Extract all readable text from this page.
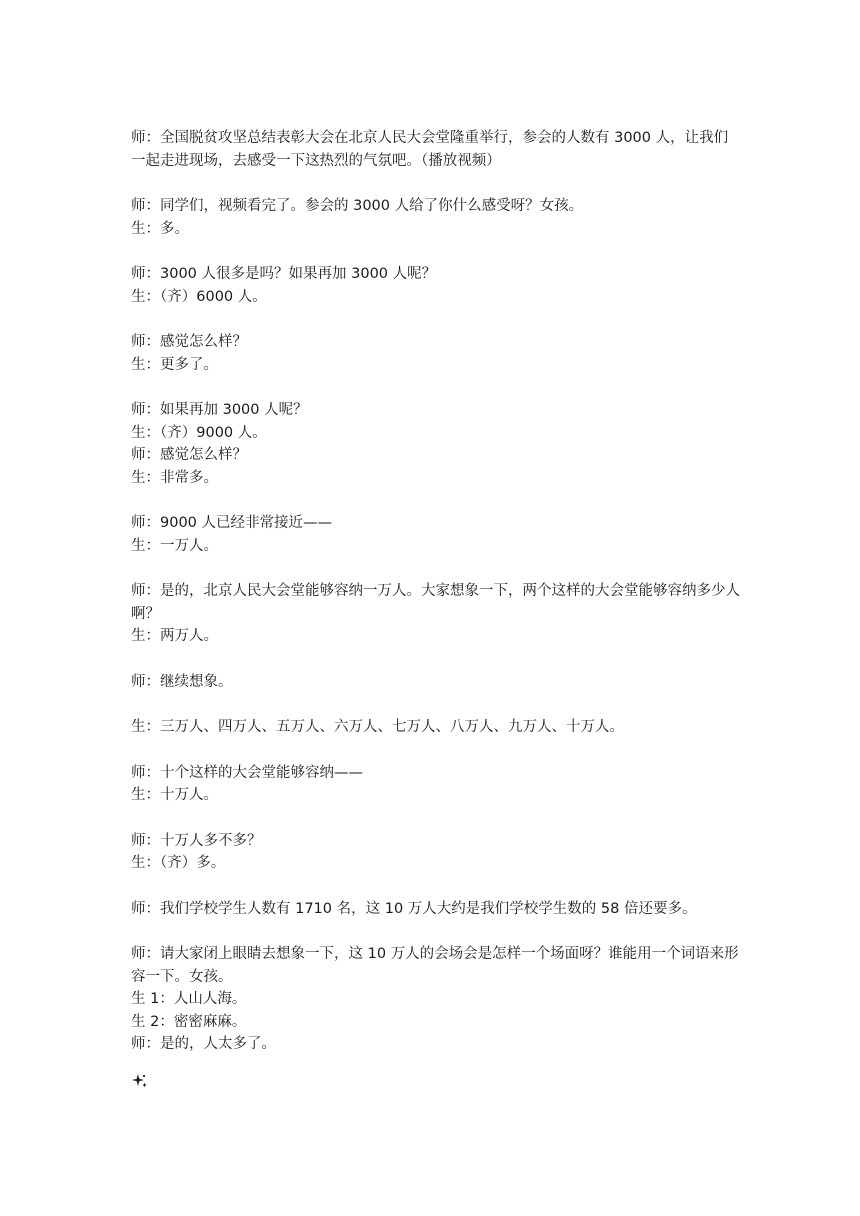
师：全国脱贫攻坚总结表彰大会在北京人民大会堂隆重举行，参会的人数有 3000 人，让我们一起走进现场，去感受一下这热烈的气氛吧。（播放视频）
师：同学们，视频看完了。参会的 3000 人给了你什么感受呀？女孩。
生：多。
师：3000 人很多是吗？如果再加 3000 人呢？
生：（齐）6000 人。
师：感觉怎么样？
生：更多了。
师：如果再加 3000 人呢？
生：（齐）9000 人。
师：感觉怎么样？
生：非常多。
师：9000 人已经非常接近——
生：一万人。
师：是的，北京人民大会堂能够容纳一万人。大家想象一下，两个这样的大会堂能够容纳多少人啊？
生：两万人。
师：继续想象。
生：三万人、四万人、五万人、六万人、七万人、八万人、九万人、十万人。
师：十个这样的大会堂能够容纳——
生：十万人。
师：十万人多不多？
生：（齐）多。
师：我们学校学生人数有 1710 名，这 10 万人大约是我们学校学生数的 58 倍还要多。
师：请大家闭上眼睛去想象一下，这 10 万人的会场会是怎样一个场面呀？谁能用一个词语来形容一下。女孩。
生 1：人山人海。
生 2：密密麻麻。
师：是的，人太多了。
